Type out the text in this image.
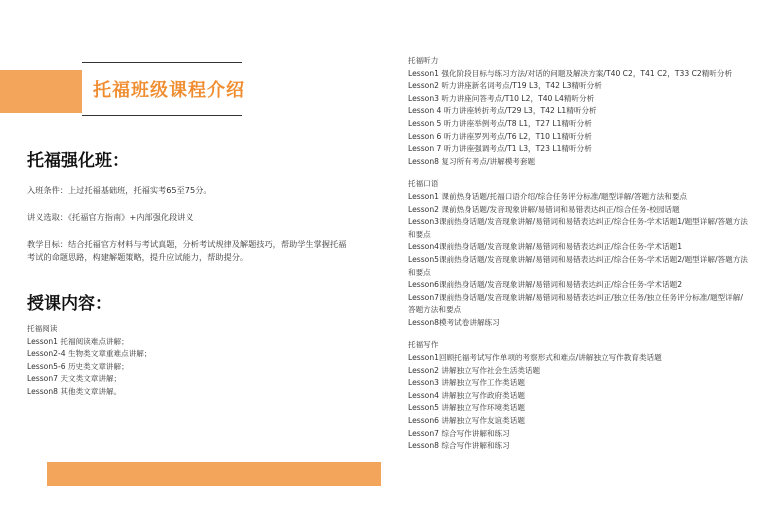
托福班级课程介绍
托福强化班：
入班条件：上过托福基础班，托福实考65至75分。
讲义选取：《托福官方指南》+内部强化段讲义
教学目标：结合托福官方材料与考试真题，分析考试规律及解题技巧，帮助学生掌握托福考试的命题思路，构建解题策略，提升应试能力，帮助提分。
授课内容：
托福阅读
Lesson1 托福阅读难点讲解；
Lesson2-4 生物类文章重难点讲解；
Lesson5-6 历史类文章讲解；
Lesson7 天文类文章讲解；
Lesson8 其他类文章讲解。
托福听力
Lesson1 强化阶段目标与练习方法/对话的问题及解决方案/T40 C2，T41 C2，T33 C2精听分析
Lesson2 听力讲座新名词考点/T19 L3，T42 L3精听分析
Lesson3 听力讲座问答考点/T10 L2，T40 L4精听分析
Lesson 4 听力讲座转折考点/T29 L3，T42 L1精听分析
Lesson 5 听力讲座举例考点/T8 L1，T27 L1精听分析
Lesson 6 听力讲座罗列考点/T6 L2，T10 L1精听分析
Lesson 7 听力讲座强调考点/T1 L3，T23 L1精听分析
Lesson8 复习所有考点/讲解模考套题
托福口语
Lesson1 课前热身话题/托福口语介绍/综合任务评分标准/题型详解/答题方法和要点
Lesson2 课前热身话题/发音现象讲解/易错词和易错表达纠正/综合任务-校园话题
Lesson3课前热身话题/发音现象讲解/易错词和易错表达纠正/综合任务-学术话题1/题型详解/答题方法和要点
Lesson4课前热身话题/发音现象讲解/易错词和易错表达纠正/综合任务-学术话题1
Lesson5课前热身话题/发音现象讲解/易错词和易错表达纠正/综合任务-学术话题2/题型详解/答题方法和要点
Lesson6课前热身话题/发音现象讲解/易错词和易错表达纠正/综合任务-学术话题2
Lesson7课前热身话题/发音现象讲解/易错词和易错表达纠正/独立任务/独立任务评分标准/题型详解/答题方法和要点
Lesson8模考试卷讲解练习
托福写作
Lesson1回顾托福考试写作单项的考察形式和难点/讲解独立写作教育类话题
Lesson2 讲解独立写作社会生活类话题
Lesson3 讲解独立写作工作类话题
Lesson4 讲解独立写作政府类话题
Lesson5 讲解独立写作环境类话题
Lesson6 讲解独立写作友谊类话题
Lesson7 综合写作讲解和练习
Lesson8 综合写作讲解和练习
